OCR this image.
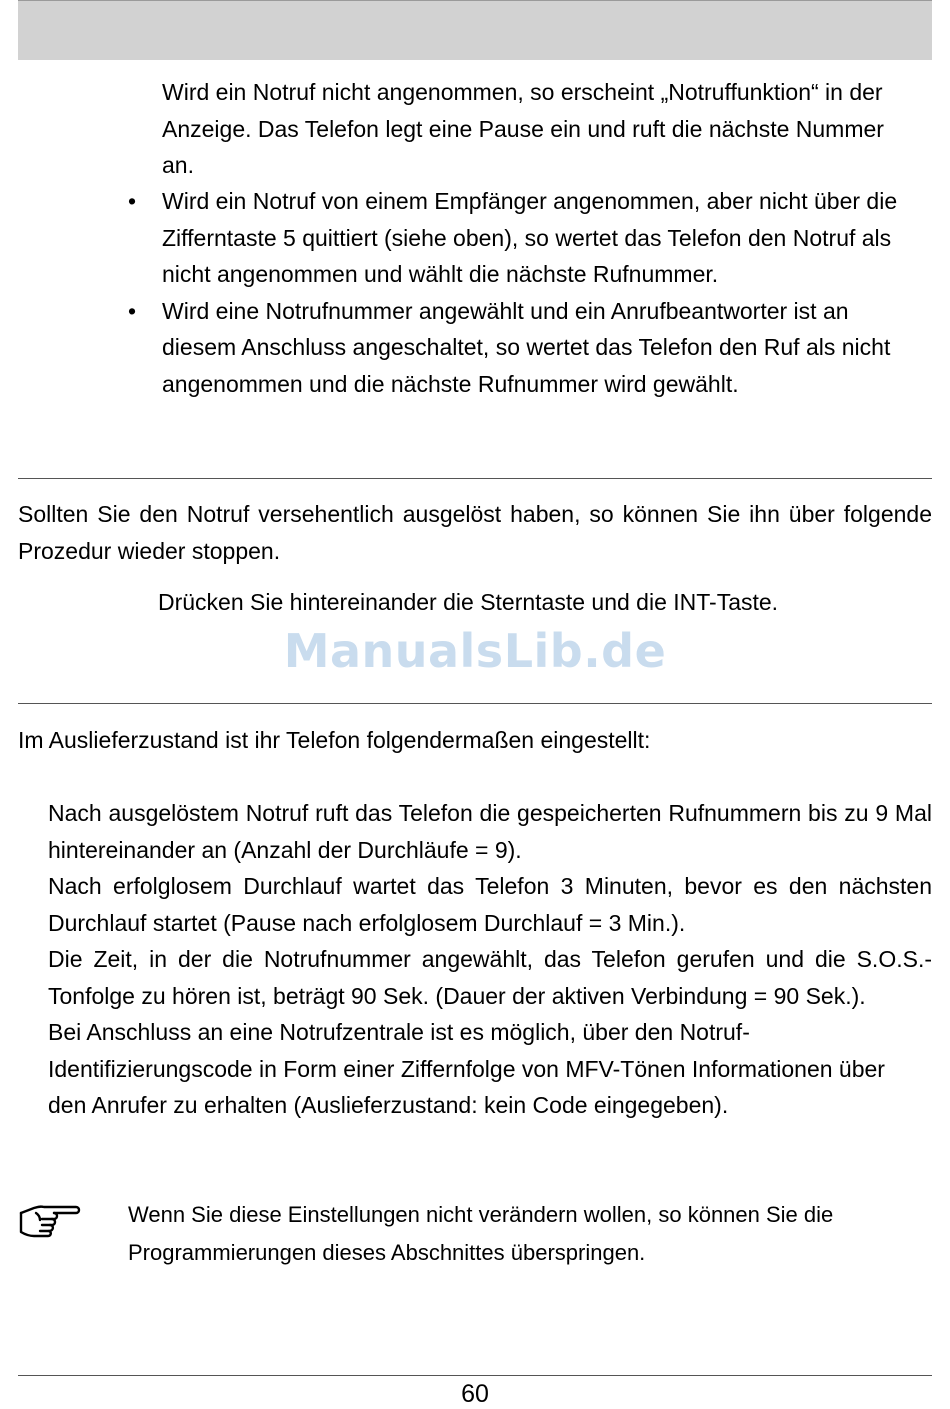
Wird ein Notruf nicht angenommen, so erscheint „Notruffunktion“ in der Anzeige. Das Telefon legt eine Pause ein und ruft die nächste Nummer an.

• Wird ein Notruf von einem Empfänger angenommen, aber nicht über die Zifferntaste 5 quittiert (siehe oben), so wertet das Telefon den Notruf als nicht angenommen und wählt die nächste Rufnummer.
• Wird eine Notrufnummer angewählt und ein Anrufbeantworter ist an diesem Anschluss angeschaltet, so wertet das Telefon den Ruf als nicht angenommen und die nächste Rufnummer wird gewählt.

Sollten Sie den Notruf versehentlich ausgelöst haben, so können Sie ihn über folgende Prozedur wieder stoppen.

Drücken Sie hintereinander die Sterntaste und die INT-Taste.

ManualsLib.de

Im Auslieferzustand ist ihr Telefon folgendermaßen eingestellt:

Nach ausgelöstem Notruf ruft das Telefon die gespeicherten Rufnummern bis zu 9 Mal hintereinander an (Anzahl der Durchläufe = 9).

Nach erfolglosem Durchlauf wartet das Telefon 3 Minuten, bevor es den nächsten Durchlauf startet (Pause nach erfolglosem Durchlauf = 3 Min.).

Die Zeit, in der die Notrufnummer angewählt, das Telefon gerufen und die S.O.S.-Tonfolge zu hören ist, beträgt 90 Sek. (Dauer der aktiven Verbindung = 90 Sek.).

Bei Anschluss an eine Notrufzentrale ist es möglich, über den Notruf-Identifizierungscode in Form einer Ziffernfolge von MFV-Tönen Informationen über den Anrufer zu erhalten (Auslieferzustand: kein Code eingegeben).

Wenn Sie diese Einstellungen nicht verändern wollen, so können Sie die Programmierungen dieses Abschnittes überspringen.
60
